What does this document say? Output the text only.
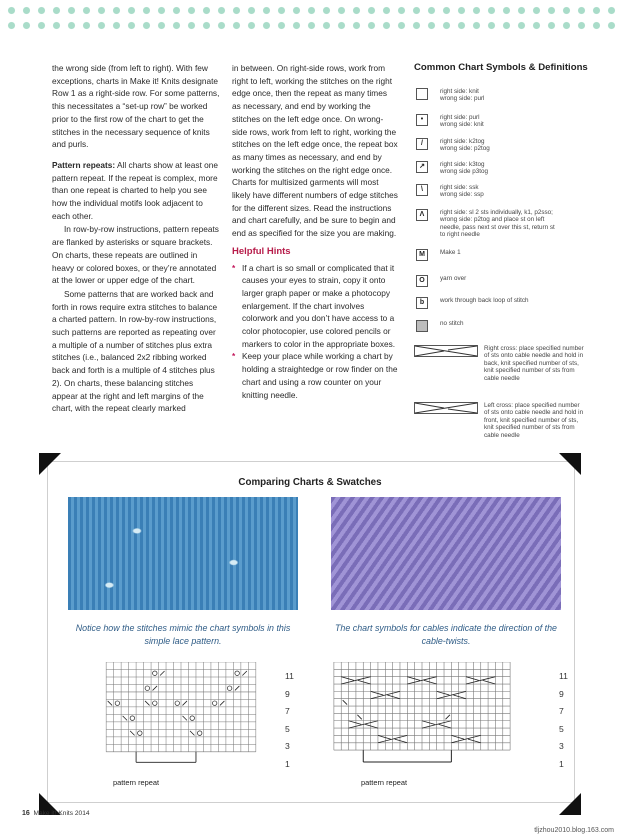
the wrong side (from left to right). With few exceptions, charts in Make it! Knits designate Row 1 as a right-side row. For some patterns, this necessitates a “set-up row” be worked prior to the first row of the chart to get the stitches in the necessary sequence of knits and purls.

Pattern repeats: All charts show at least one pattern repeat. If the repeat is complex, more than one repeat is charted to help you see how the individual motifs look adjacent to each other.

In row-by-row instructions, pattern repeats are flanked by asterisks or square brackets. On charts, these repeats are outlined in heavy or colored boxes, or they’re annotated at the lower or upper edge of the chart.

Some patterns that are worked back and forth in rows require extra stitches to balance a charted pattern. In row-by-row instructions, such patterns are reported as repeating over a multiple of a number of stitches plus extra stitches (i.e., balanced 2x2 ribbing worked back and forth is a multiple of 4 stitches plus 2). On charts, these balancing stitches appear at the right and left margins of the chart, with the repeat clearly marked

in between. On right-side rows, work from right to left, working the stitches on the right edge once, then the repeat as many times as necessary, and end by working the stitches on the left edge once. On wrong-side rows, work from left to right, working the stitches on the left edge once, the repeat box as many times as necessary, and end by working the stitches on the right edge once. Charts for multisized garments will most likely have different numbers of edge stitches for the different sizes. Read the instructions and chart carefully, and be sure to begin and end as specified for the size you are making.

Helpful Hints

* If a chart is so small or complicated that it causes your eyes to strain, copy it onto larger graph paper or make a photocopy enlargement. If the chart involves colorwork and you don’t have access to a color photocopier, use colored pencils or markers to color in the appropriate boxes.
* Keep your place while working a chart by holding a straightedge or row finder on the chart and using a row counter on your knitting needle.
Common Chart Symbols & Definitions
right side: knit
wrong side: purl
•	right side: purl
wrong side: knit
/	right side: k2tog
wrong side: p2tog
↗	right side: k3tog
wrong side p3tog
\	right side: ssk
wrong side: ssp
Λ	right side: sl 2 sts individually, k1, p2sso;
wrong side: p2tog and place st on left
needle, pass next st over this st, return st
to right needle
M	Make 1
O	yarn over
b	work through back loop of stitch
no stitch
Right cross: place specified number
of sts onto cable needle and hold in
back, knit specified number of sts,
knit specified number of sts from
cable needle
Left cross: place specified number
of sts onto cable needle and hold in
front, knit specified number of sts,
knit specified number of sts from
cable needle
Comparing Charts & Swatches
Notice how the stitches mimic the chart symbols in this simple lace pattern.
The chart symbols for cables indicate the direction of the cable-twists.
11
9
7
5
3
1
11
9
7
5
3
1
pattern repeat	pattern repeat
16 Make it! Knits 2014
tljzhou2010.blog.163.com
